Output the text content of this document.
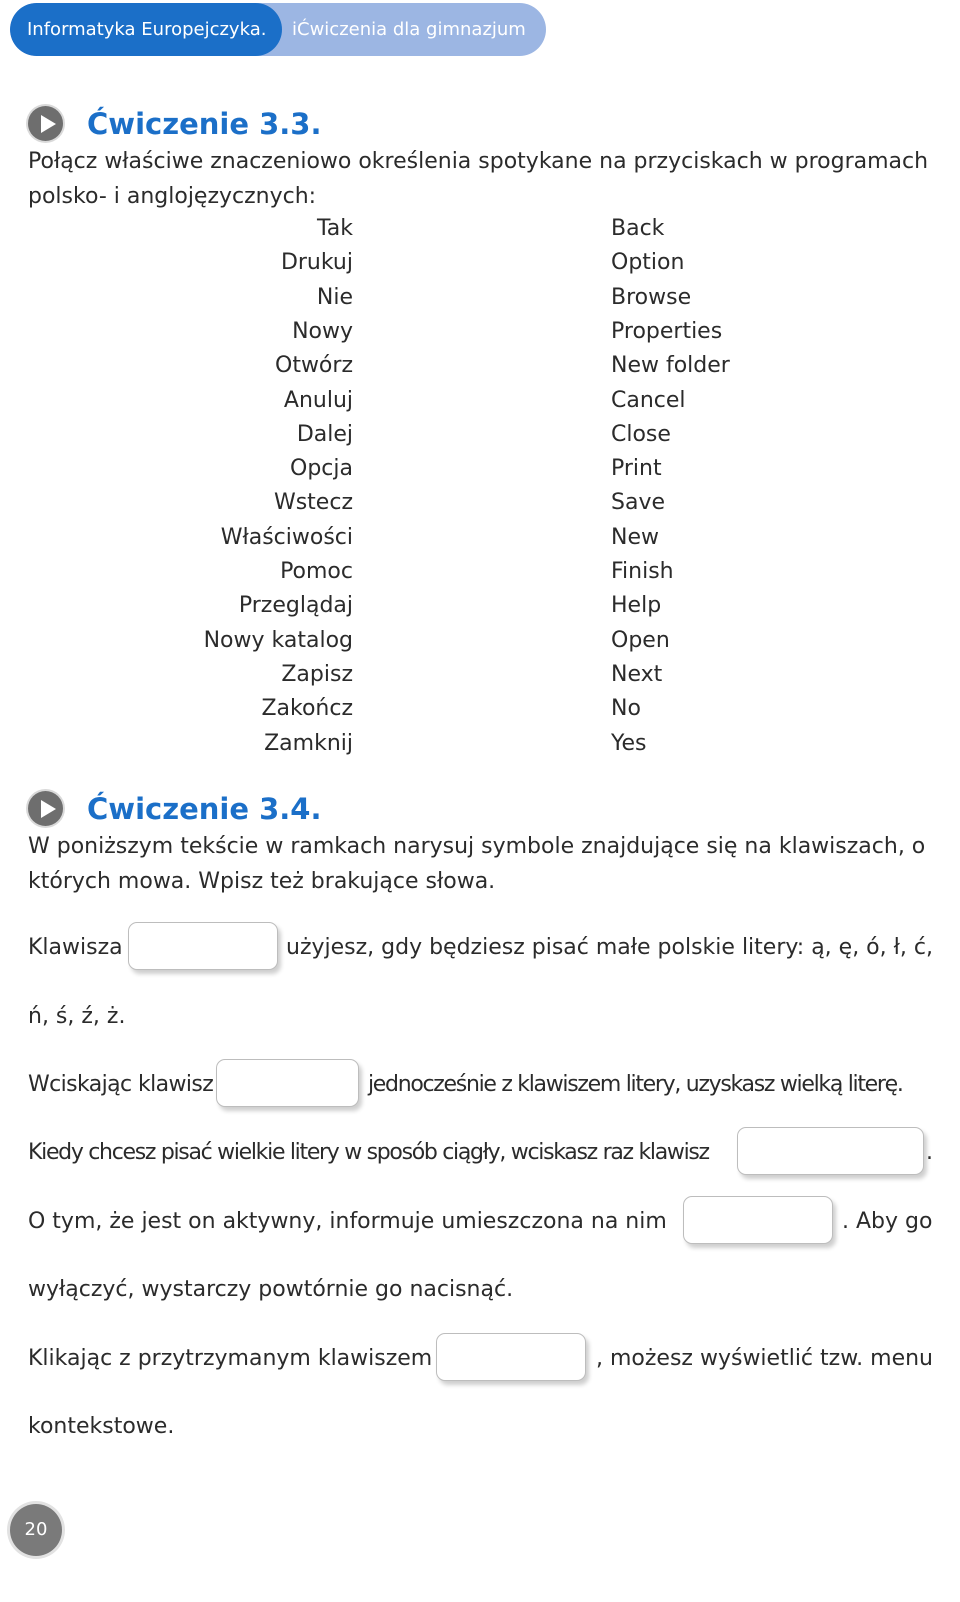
Informatyka Europejczyka.	iĆwiczenia dla gimnazjum
Ćwiczenie 3.3.
Połącz właściwe znaczeniowo określenia spotykane na przyciskach w programach polsko- i anglojęzycznych:
Tak	Back
Drukuj	Option
Nie	Browse
Nowy	Properties
Otwórz	New folder
Anuluj	Cancel
Dalej	Close
Opcja	Print
Wstecz	Save
Właściwości	New
Pomoc	Finish
Przeglądaj	Help
Nowy katalog	Open
Zapisz	Next
Zakończ	No
Zamknij	Yes
Ćwiczenie 3.4.
W poniższym tekście w ramkach narysuj symbole znajdujące się na klawiszach, o których mowa. Wpisz też brakujące słowa.
Klawisza	użyjesz, gdy będziesz pisać małe polskie litery: ą, ę, ó, ł, ć,
ń, ś, ź, ż.
Wciskając klawisz	jednocześnie z klawiszem litery, uzyskasz wielką literę.
Kiedy chcesz pisać wielkie litery w sposób ciągły, wciskasz raz klawisz	.
O tym, że jest on aktywny, informuje umieszczona na nim	. Aby go
wyłączyć, wystarczy powtórnie go nacisnąć.
Klikając z przytrzymanym klawiszem	, możesz wyświetlić tzw. menu
kontekstowe.
20
